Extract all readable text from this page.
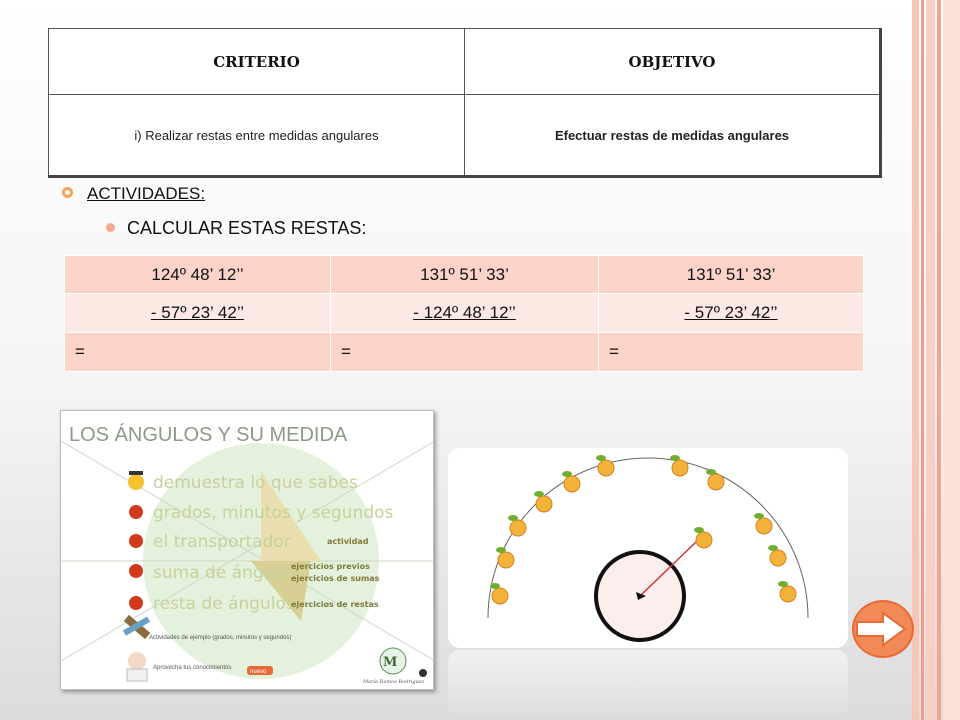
CRITERIO	OBJETIVO
i) Realizar restas entre medidas angulares	Efectuar restas de medidas angulares
ACTIVIDADES:
CALCULAR ESTAS RESTAS:
124º 48’ 12’’	131º 51’ 33’	131º 51’ 33’
- 57º 23’ 42’’	- 124º 48’ 12’’	- 57º 23’ 42’’
=	=	=
LOS ÁNGULOS Y SU MEDIDA
demuestra lo que sabes
grados, minutos y segundos
el transportador
suma de ángulos
resta de ángulos
actividad
ejercicios previos
ejercicios de sumas
ejercicios de restas
Actividades de ejemplo (grados, minutos y segundos)
Aprovecha tus conocimientos
nuevo
M
María Ramos Rodríguez
